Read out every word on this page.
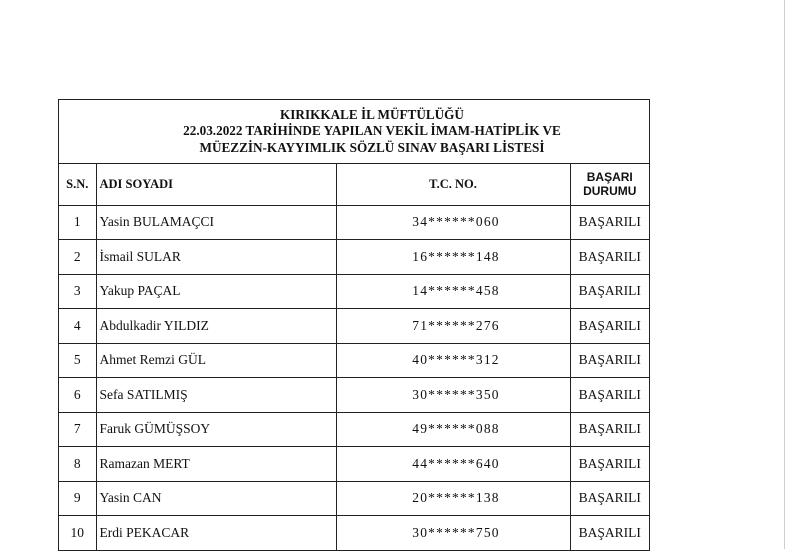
KIRIKKALE İL MÜFTÜLÜĞÜ
22.03.2022 TARİHİNDE YAPILAN VEKİL İMAM-HATİPLİK VE
MÜEZZİN-KAYYIMLIK SÖZLÜ SINAV BAŞARI LİSTESİ
S.N.	ADI SOYADI	T.C. NO.	BAŞARI
DURUMU

1	Yasin BULAMAÇCI	34******060	BAŞARILI
2	İsmail SULAR	16******148	BAŞARILI
3	Yakup PAÇAL	14******458	BAŞARILI
4	Abdulkadir YILDIZ	71******276	BAŞARILI
5	Ahmet Remzi GÜL	40******312	BAŞARILI
6	Sefa SATILMIŞ	30******350	BAŞARILI
7	Faruk GÜMÜŞSOY	49******088	BAŞARILI
8	Ramazan MERT	44******640	BAŞARILI
9	Yasin CAN	20******138	BAŞARILI
10	Erdi PEKACAR	30******750	BAŞARILI
